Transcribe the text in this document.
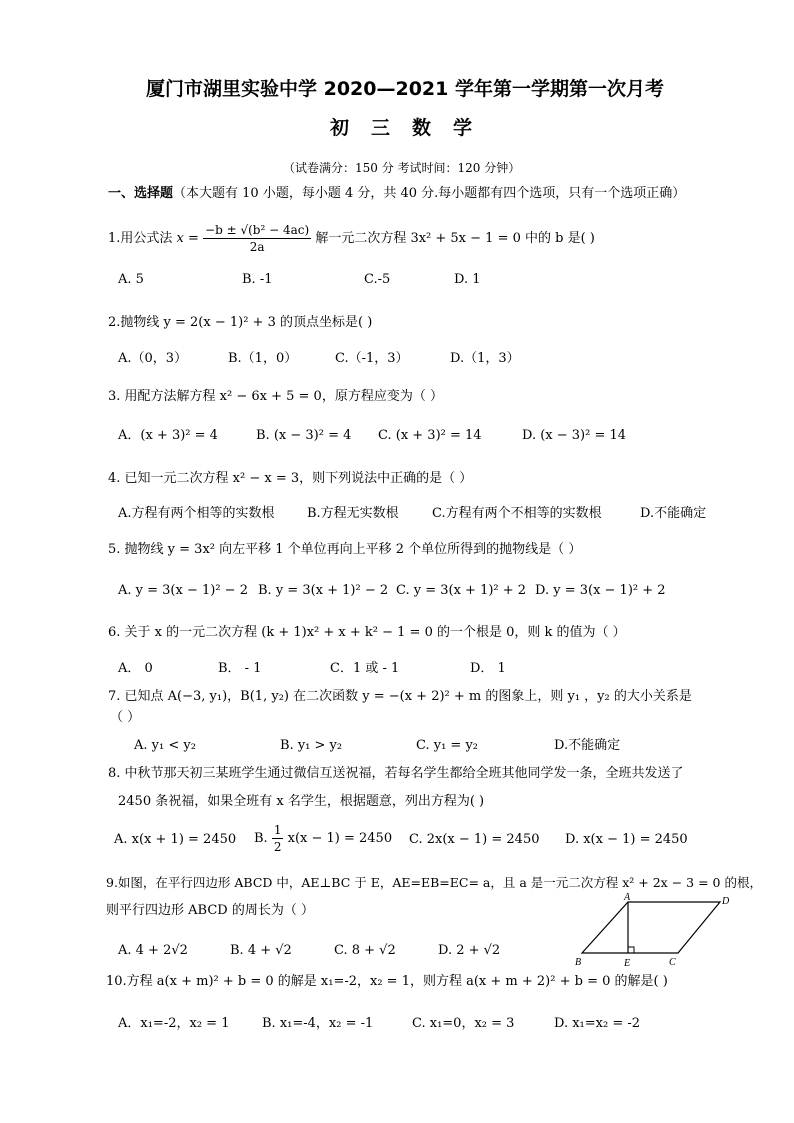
厦门市湖里实验中学 2020—2021 学年第一学期第一次月考
初三数学
（试卷满分：150 分 考试时间：120 分钟）
一、选择题（本大题有 10 小题，每小题 4 分，共 40 分.每小题都有四个选项，只有一个选项正确）
1.用公式法 $x = \frac{\text{−b ± √(b² − 4ac)}}{2a}$ 解一元二次方程 3x² + 5x − 1 = 0 中的 b 是( )
A. 5	B. -1	C.-5	D. 1
2.抛物线 y = 2(x − 1)² + 3 的顶点坐标是( )
A.（0，3）	B.（1，0）	C.（-1，3）	D.（1，3）
3. 用配方法解方程 x² − 6x + 5 = 0，原方程应变为（ ）
A．(x + 3)² = 4	B. (x − 3)² = 4 C. (x + 3)² = 14	D. (x − 3)² = 14
4. 已知一元二次方程 x² − x = 3，则下列说法中正确的是（ ）
A.方程有两个相等的实数根 B.方程无实数根	C.方程有两个不相等的实数根	D.不能确定
5. 抛物线 y = 3x² 向左平移 1 个单位再向上平移 2 个单位所得到的抛物线是（ ）
A. y = 3(x − 1)² − 2 B. y = 3(x + 1)² − 2 C. y = 3(x + 1)² + 2 D. y = 3(x − 1)² + 2
6. 关于 x 的一元二次方程 (k + 1)x² + x + k² − 1 = 0 的一个根是 0，则 k 的值为（ ）
A． 0	B． - 1	C．1 或 - 1	D． 1
7. 已知点 A(−3, y₁)，B(1, y₂) 在二次函数 y = −(x + 2)² + m 的图象上，则 y₁ ，y₂ 的大小关系是
（ ）
A. y₁ < y₂	B. y₁ > y₂	C. y₁ = y₂	D.不能确定
8. 中秋节那天初三某班学生通过微信互送祝福，若每名学生都给全班其他同学发一条，全班共发送了
2450 条祝福，如果全班有 x 名学生，根据题意，列出方程为( )
A. x(x + 1) = 2450 B. $\frac{1}{2} x(x - 1) = 2450$ C. 2x(x − 1) = 2450 D. x(x − 1) = 2450
9.如图，在平行四边形 ABCD 中，AE⊥BC 于 E，AE=EB=EC= a，且 a 是一元二次方程 x² + 2x − 3 = 0 的根，
则平行四边形 ABCD 的周长为（ ）
A. 4 + 2√2	B. 4 + √2	C. 8 + √2	D. 2 + √2
A	D
B	E	C
10.方程 a(x + m)² + b = 0 的解是 x₁=-2，x₂ = 1，则方程 a(x + m + 2)² + b = 0 的解是( )
A．x₁=-2，x₂ = 1	B. x₁=-4，x₂ = -1	C. x₁=0，x₂ = 3	D. x₁=x₂ = -2
